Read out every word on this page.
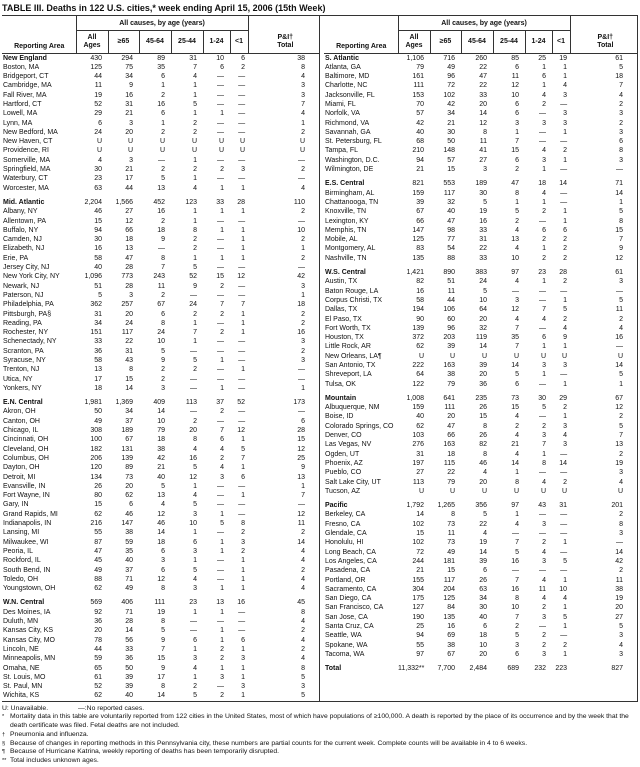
TABLE III. Deaths in 122 U.S. cities,* week ending April 15, 2006 (15th Week)
	All causes, by age (years)						
Reporting Area	All
Ages	≥65	45-64	25-44	1-24	<1	P&I†
Total
New England	430	294	89	31	10	6	38
Boston, MA	125	75	35	7	6	2	8
Bridgeport, CT	44	34	6	4	—	—	4
Cambridge, MA	11	9	1	1	—	—	3
Fall River, MA	19	16	2	1	—	—	3
Hartford, CT	52	31	16	5	—	—	7
Lowell, MA	29	21	6	1	1	—	4
Lynn, MA	6	3	1	2	—	—	1
New Bedford, MA	24	20	2	2	—	—	2
New Haven, CT	U	U	U	U	U	U	U
Providence, RI	U	U	U	U	U	U	U
Somerville, MA	4	3	—	1	—	—	—
Springfield, MA	30	21	2	2	2	3	2
Waterbury, CT	23	17	5	1	—	—	—
Worcester, MA	63	44	13	4	1	1	4

Mid. Atlantic	2,204	1,566	452	123	33	28	110
Albany, NY	46	27	16	1	1	1	2
Allentown, PA	15	12	2	1	—	—	—
Buffalo, NY	94	66	18	8	1	1	10
Camden, NJ	30	18	9	2	—	1	2
Elizabeth, NJ	16	13	—	2	—	1	1
Erie, PA	58	47	8	1	1	1	2
Jersey City, NJ	40	28	7	5	—	—	—
New York City, NY	1,096	773	243	52	15	12	42
Newark, NJ	51	28	11	9	2	—	3
Paterson, NJ	5	3	2	—	—	—	1
Philadelphia, PA	362	257	67	24	7	7	18
Pittsburgh, PA§	31	20	6	2	2	1	2
Reading, PA	34	24	8	1	—	1	2
Rochester, NY	151	117	24	7	2	1	16
Schenectady, NY	33	22	10	1	—	—	3
Scranton, PA	36	31	5	—	—	—	2
Syracuse, NY	58	43	9	5	1	—	3
Trenton, NJ	13	8	2	2	—	1	—
Utica, NY	17	15	2	—	—	—	—
Yonkers, NY	18	14	3	—	1	—	1

E.N. Central	1,981	1,369	409	113	37	52	173
Akron, OH	50	34	14	—	2	—	—
Canton, OH	49	37	10	2	—	—	6
Chicago, IL	308	189	79	20	7	12	28
Cincinnati, OH	100	67	18	8	6	1	15
Cleveland, OH	182	131	38	4	4	5	12
Columbus, OH	206	139	42	16	2	7	25
Dayton, OH	120	89	21	5	4	1	9
Detroit, MI	134	73	40	12	3	6	13
Evansville, IN	26	20	5	1	—	—	1
Fort Wayne, IN	80	62	13	4	—	1	7
Gary, IN	15	6	4	5	—	—	—
Grand Rapids, MI	62	46	12	3	1	—	12
Indianapolis, IN	216	147	46	10	5	8	11
Lansing, MI	55	38	14	1	—	2	2
Milwaukee, WI	87	59	18	6	1	3	14
Peoria, IL	47	35	6	3	1	2	4
Rockford, IL	45	40	3	1	—	1	4
South Bend, IN	49	37	6	5	—	1	2
Toledo, OH	88	71	12	4	—	1	4
Youngstown, OH	62	49	8	3	1	1	4

W.N. Central	569	406	111	23	13	16	45
Des Moines, IA	92	71	19	1	1	—	8
Duluth, MN	36	28	8	—	—	—	4
Kansas City, KS	20	14	5	—	1	—	2
Kansas City, MO	78	56	9	6	1	6	4
Lincoln, NE	44	33	7	1	2	1	2
Minneapolis, MN	59	36	15	3	2	3	4
Omaha, NE	65	50	9	4	1	1	8
St. Louis, MO	61	39	17	1	3	1	5
St. Paul, MN	52	39	8	2	—	3	3
Wichita, KS	62	40	14	5	2	1	5
	All causes, by age (years)						
Reporting Area	All
Ages	≥65	45-64	25-44	1-24	<1	P&I†
Total
S. Atlantic	1,106	716	260	85	25	19	61
Atlanta, GA	79	49	22	6	1	1	5
Baltimore, MD	161	96	47	11	6	1	18
Charlotte, NC	111	72	22	12	1	4	7
Jacksonville, FL	153	102	33	10	4	3	4
Miami, FL	70	42	20	6	2	—	2
Norfolk, VA	57	34	14	6	—	3	3
Richmond, VA	42	21	12	3	3	3	2
Savannah, GA	40	30	8	1	—	1	3
St. Petersburg, FL	68	50	11	7	—	—	6
Tampa, FL	210	148	41	15	4	2	8
Washington, D.C.	94	57	27	6	3	1	3
Wilmington, DE	21	15	3	2	1	—	—

E.S. Central	821	553	189	47	18	14	71
Birmingham, AL	159	117	30	8	4	—	14
Chattanooga, TN	39	32	5	1	1	—	1
Knoxville, TN	67	40	19	5	2	1	5
Lexington, KY	66	47	16	2	—	1	8
Memphis, TN	147	98	33	4	6	6	15
Mobile, AL	125	77	31	13	2	2	7
Montgomery, AL	83	54	22	4	1	2	9
Nashville, TN	135	88	33	10	2	2	12

W.S. Central	1,421	890	383	97	23	28	61
Austin, TX	82	51	24	4	1	2	3
Baton Rouge, LA	16	11	5	—	—	—	—
Corpus Christi, TX	58	44	10	3	—	1	5
Dallas, TX	194	106	64	12	7	5	11
El Paso, TX	90	60	20	4	4	2	2
Fort Worth, TX	139	96	32	7	—	4	4
Houston, TX	372	203	119	35	6	9	16
Little Rock, AR	62	39	14	7	1	1	—
New Orleans, LA¶	U	U	U	U	U	U	U
San Antonio, TX	222	163	39	14	3	3	14
Shreveport, LA	64	38	20	5	1	—	5
Tulsa, OK	122	79	36	6	—	1	1

Mountain	1,008	641	235	73	30	29	67
Albuquerque, NM	159	111	26	15	5	2	12
Boise, ID	40	20	15	4	—	1	2
Colorado Springs, CO	62	47	8	2	2	3	5
Denver, CO	103	66	26	4	3	4	7
Las Vegas, NV	276	163	82	21	7	3	13
Ogden, UT	31	18	8	4	1	—	2
Phoenix, AZ	197	115	46	14	8	14	19
Pueblo, CO	27	22	4	1	—	—	3
Salt Lake City, UT	113	79	20	8	4	2	4
Tucson, AZ	U	U	U	U	U	U	U

Pacific	1,792	1,265	356	97	43	31	201
Berkeley, CA	14	8	5	1	—	—	2
Fresno, CA	102	73	22	4	3	—	8
Glendale, CA	15	11	4	—	—	—	3
Honolulu, HI	102	73	19	7	2	1	—
Long Beach, CA	72	49	14	5	4	—	14
Los Angeles, CA	244	181	39	16	3	5	42
Pasadena, CA	21	15	6	—	—	—	2
Portland, OR	155	117	26	7	4	1	11
Sacramento, CA	304	204	63	16	11	10	38
San Diego, CA	175	125	34	8	4	4	19
San Francisco, CA	127	84	30	10	2	1	20
San Jose, CA	190	135	40	7	3	5	27
Santa Cruz, CA	25	16	6	2	—	1	5
Seattle, WA	94	69	18	5	2	—	3
Spokane, WA	55	38	10	3	2	2	4
Tacoma, WA	97	67	20	6	3	1	3

Total	11,332**	7,700	2,484	689	232	223	827
U: Unavailable.	—:No reported cases.
* Mortality data in this table are voluntarily reported from 122 cities in the United States, most of which have populations of ≥100,000. A death is reported by the place of its occurrence and by the week that the death certificate was filed. Fetal deaths are not included.
† Pneumonia and influenza.
§ Because of changes in reporting methods in this Pennsylvania city, these numbers are partial counts for the current week. Complete counts will be available in 4 to 6 weeks.
¶ Because of Hurricane Katrina, weekly reporting of deaths has been temporarily disrupted.
** Total includes unknown ages.
